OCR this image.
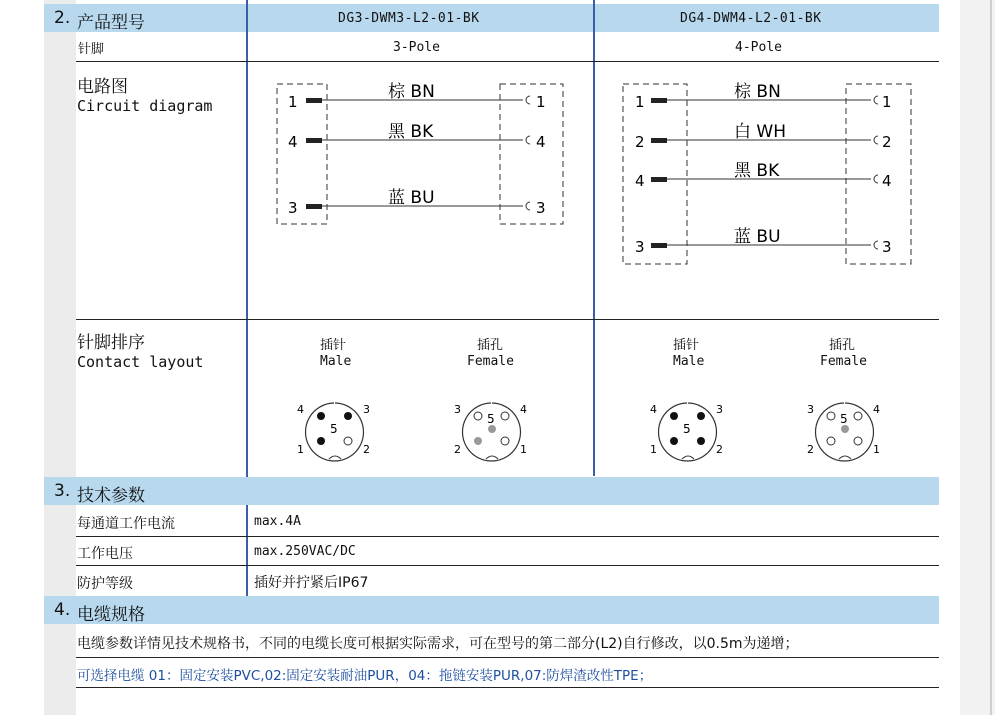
2. 产品型号	DG3-DWM3-L2-01-BK	DG4-DWM4-L2-01-BK
针脚	3-Pole	4-Pole
电路图
Circuit diagram	1	1
棕 BN
4	4
黑 BK
3	3
蓝 BU
1	1
棕 BN
2	2
白 WH
4	4
黑 BK
3	3
蓝 BU
针脚排序
Contact layout
插针
Male
插孔
Female
插针
Male
插孔
Female
5
4	3
1	2
5
3	4
2	1
5
4	3
1	2
5
3	4
2	1
3. 技术参数
每通道工作电流	max.4A
工作电压	max.250VAC/DC
防护等级	插好并拧紧后IP67
4. 电缆规格
电缆参数详情见技术规格书，不同的电缆长度可根据实际需求，可在型号的第二部分(L2)自行修改，以0.5m为递增；
可选择电缆 01：固定安装PVC,02:固定安装耐油PUR，04：拖链安装PUR,07:防焊渣改性TPE；
